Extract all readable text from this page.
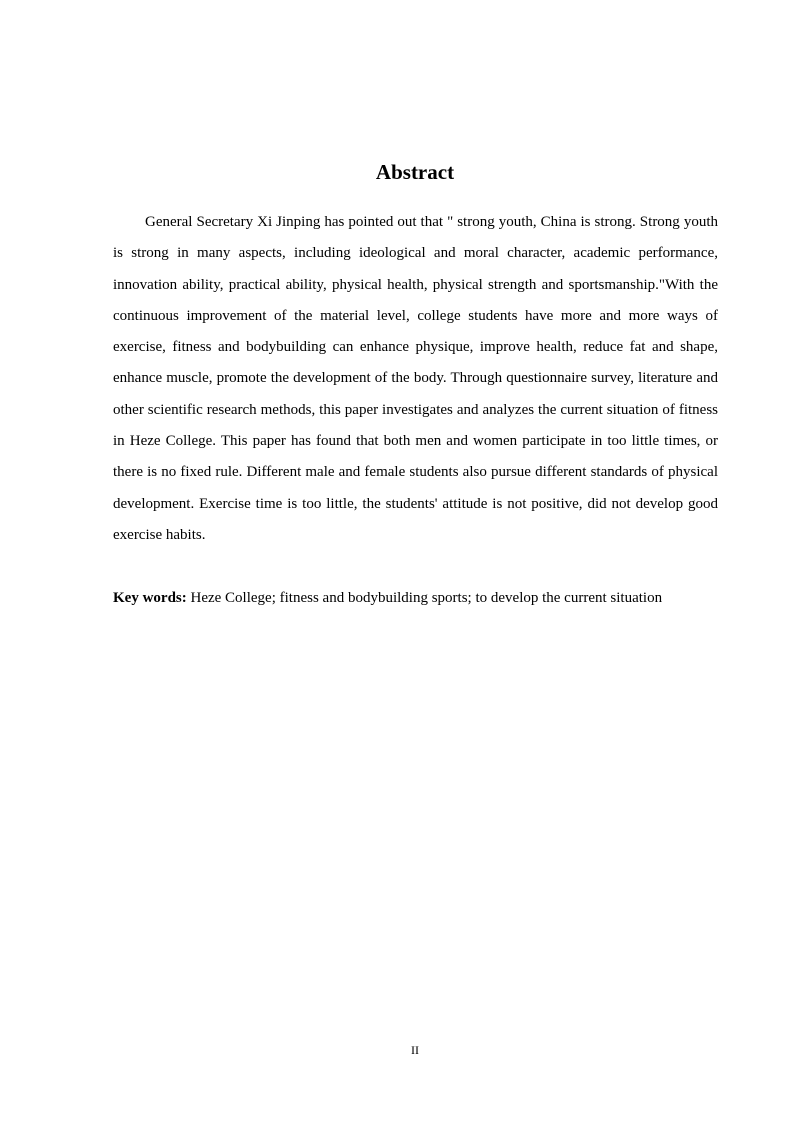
Abstract

General Secretary Xi Jinping has pointed out that " strong youth, China is strong. Strong youth is strong in many aspects, including ideological and moral character, academic performance, innovation ability, practical ability, physical health, physical strength and sportsmanship."With the continuous improvement of the material level, college students have more and more ways of exercise, fitness and bodybuilding can enhance physique, improve health, reduce fat and shape, enhance muscle, promote the development of the body. Through questionnaire survey, literature and other scientific research methods, this paper investigates and analyzes the current situation of fitness in Heze College. This paper has found that both men and women participate in too little times, or there is no fixed rule. Different male and female students also pursue different standards of physical development. Exercise time is too little, the students' attitude is not positive, did not develop good exercise habits.

Key words: Heze College; fitness and bodybuilding sports; to develop the current situation

II
